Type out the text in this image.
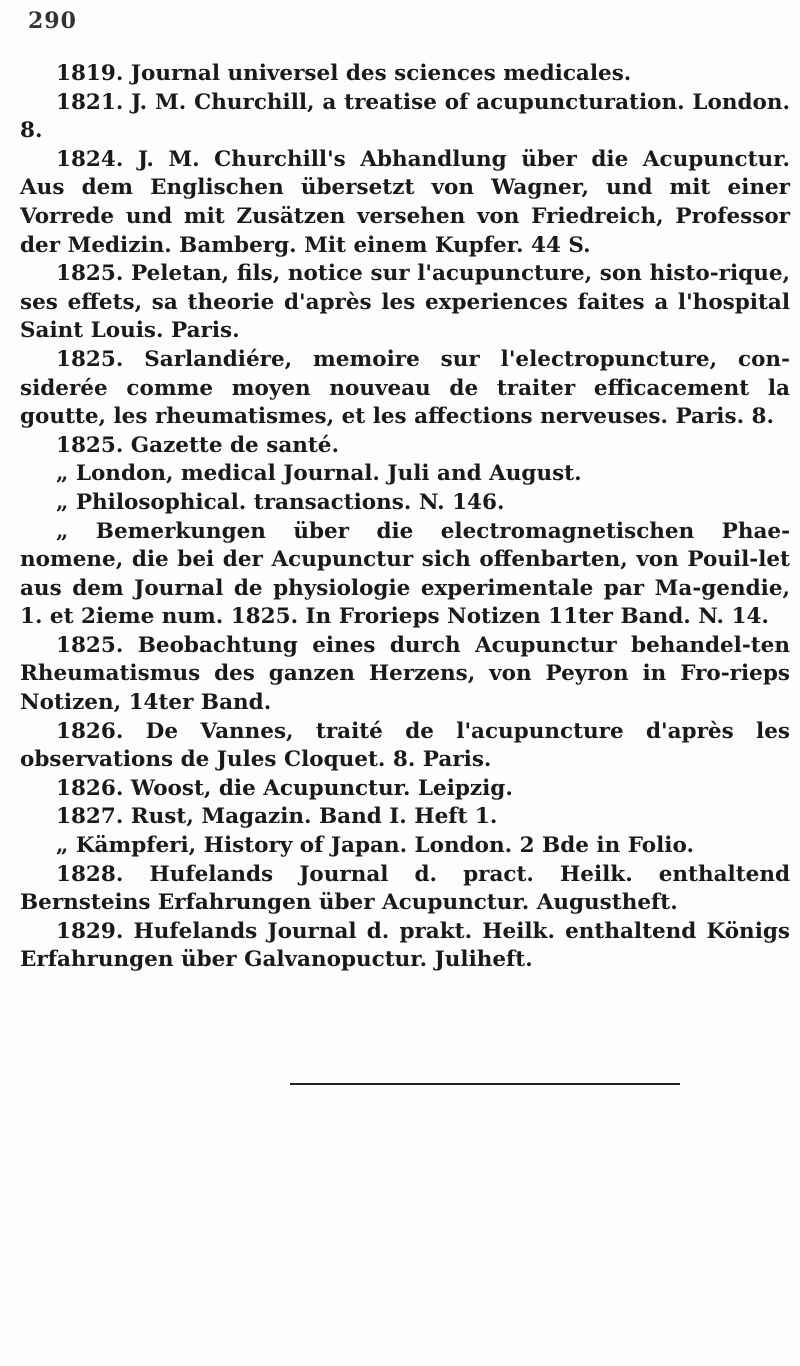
290

1819. Journal universel des sciences medicales.

1821. J. M. Churchill, a treatise of acupuncturation. London. 8.

1824. J. M. Churchill's Abhandlung über die Acupunctur. Aus dem Englischen übersetzt von Wagner, und mit einer Vorrede und mit Zusätzen versehen von Friedreich, Professor der Medizin. Bamberg. Mit einem Kupfer. 44 S.

1825. Peletan, fils, notice sur l'acupuncture, son histo-rique, ses effets, sa theorie d'après les experiences faites a l'hospital Saint Louis. Paris.

1825. Sarlandiére, memoire sur l'electropuncture, con-siderée comme moyen nouveau de traiter efficacement la goutte, les rheumatismes, et les affections nerveuses. Paris. 8.

1825. Gazette de santé.

„ London, medical Journal. Juli and August.

„ Philosophical. transactions. N. 146.

„ Bemerkungen über die electromagnetischen Phae-nomene, die bei der Acupunctur sich offenbarten, von Pouil-let aus dem Journal de physiologie experimentale par Ma-gendie, 1. et 2ieme num. 1825. In Frorieps Notizen 11ter Band. N. 14.

1825. Beobachtung eines durch Acupunctur behandel-ten Rheumatismus des ganzen Herzens, von Peyron in Fro-rieps Notizen, 14ter Band.

1826. De Vannes, traité de l'acupuncture d'après les observations de Jules Cloquet. 8. Paris.

1826. Woost, die Acupunctur. Leipzig.

1827. Rust, Magazin. Band I. Heft 1.

„ Kämpferi, History of Japan. London. 2 Bde in Folio.

1828. Hufelands Journal d. pract. Heilk. enthaltend Bernsteins Erfahrungen über Acupunctur. Augustheft.

1829. Hufelands Journal d. prakt. Heilk. enthaltend Königs Erfahrungen über Galvanopuctur. Juliheft.
